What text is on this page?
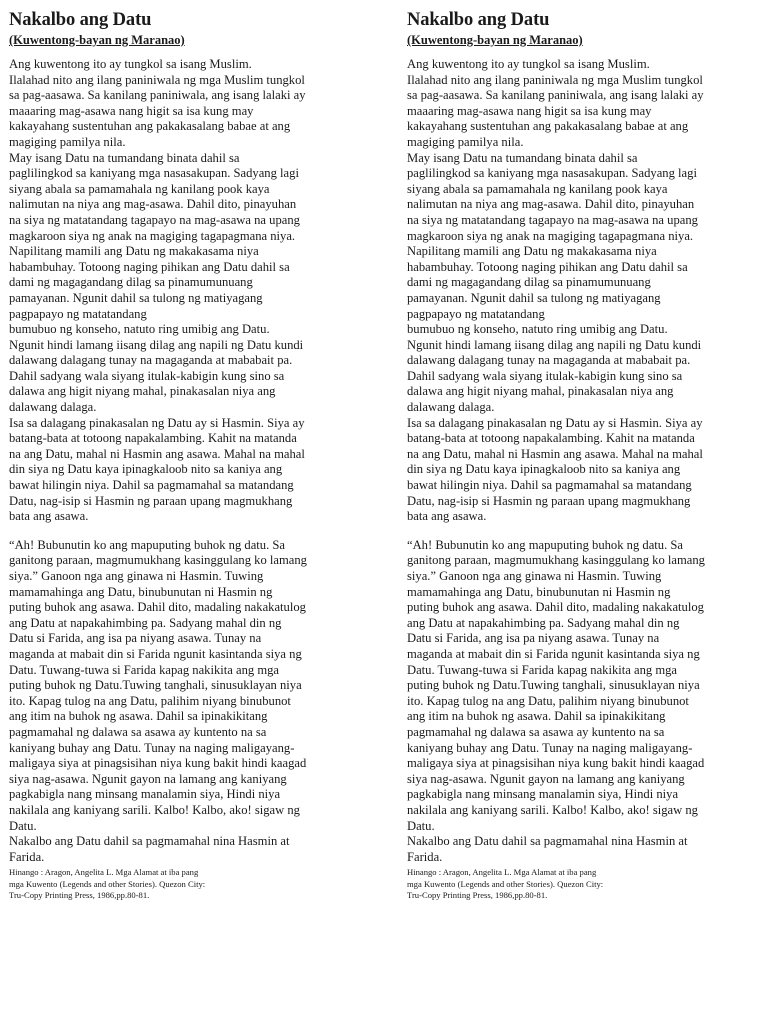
Nakalbo ang Datu
(Kuwentong-bayan ng Maranao)
Ang kuwentong ito ay tungkol sa isang Muslim.
Ilalahad nito ang ilang paniniwala ng mga Muslim tungkol
sa pag-aasawa. Sa kanilang paniniwala, ang isang lalaki ay
maaaring mag-asawa nang higit sa isa kung may
kakayahang sustentuhan ang pakakasalang babae at ang
magiging pamilya nila.
May isang Datu na tumandang binata dahil sa
paglilingkod sa kaniyang mga nasasakupan. Sadyang lagi
siyang abala sa pamamahala ng kanilang pook kaya
nalimutan na niya ang mag-asawa. Dahil dito, pinayuhan
na siya ng matatandang tagapayo na mag-asawa na upang
magkaroon siya ng anak na magiging tagapagmana niya.
Napilitang mamili ang Datu ng makakasama niya
habambuhay. Totoong naging pihikan ang Datu dahil sa
dami ng magagandang dilag sa pinamumunuang
pamayanan. Ngunit dahil sa tulong ng matiyagang
pagpapayo ng matatandang
bumubuo ng konseho, natuto ring umibig ang Datu.
Ngunit hindi lamang iisang dilag ang napili ng Datu kundi
dalawang dalagang tunay na magaganda at mababait pa.
Dahil sadyang wala siyang itulak-kabigin kung sino sa
dalawa ang higit niyang mahal, pinakasalan niya ang
dalawang dalaga.
Isa sa dalagang pinakasalan ng Datu ay si Hasmin. Siya ay
batang-bata at totoong napakalambing. Kahit na matanda
na ang Datu, mahal ni Hasmin ang asawa. Mahal na mahal
din siya ng Datu kaya ipinagkaloob nito sa kaniya ang
bawat hilingin niya. Dahil sa pagmamahal sa matandang
Datu, nag-isip si Hasmin ng paraan upang magmukhang
bata ang asawa.
“Ah! Bubunutin ko ang mapuputing buhok ng datu. Sa
ganitong paraan, magmumukhang kasinggulang ko lamang
siya.” Ganoon nga ang ginawa ni Hasmin. Tuwing
mamamahinga ang Datu, binubunutan ni Hasmin ng
puting buhok ang asawa. Dahil dito, madaling nakakatulog
ang Datu at napakahimbing pa. Sadyang mahal din ng
Datu si Farida, ang isa pa niyang asawa. Tunay na
maganda at mabait din si Farida ngunit kasintanda siya ng
Datu. Tuwang-tuwa si Farida kapag nakikita ang mga
puting buhok ng Datu.Tuwing tanghali, sinusuklayan niya
ito. Kapag tulog na ang Datu, palihim niyang binubunot
ang itim na buhok ng asawa. Dahil sa ipinakikitang
pagmamahal ng dalawa sa asawa ay kuntento na sa
kaniyang buhay ang Datu. Tunay na naging maligayang-
maligaya siya at pinagsisihan niya kung bakit hindi kaagad
siya nag-asawa. Ngunit gayon na lamang ang kaniyang
pagkabigla nang minsang manalamin siya, Hindi niya
nakilala ang kaniyang sarili. Kalbo! Kalbo, ako! sigaw ng
Datu.
Nakalbo ang Datu dahil sa pagmamahal nina Hasmin at
Farida.
Hinango : Aragon, Angelita L. Mga Alamat at iba pang
mga Kuwento (Legends and other Stories). Quezon City:
Tru-Copy Printing Press, 1986,pp.80-81.
Nakalbo ang Datu
(Kuwentong-bayan ng Maranao)
Ang kuwentong ito ay tungkol sa isang Muslim.
Ilalahad nito ang ilang paniniwala ng mga Muslim tungkol
sa pag-aasawa. Sa kanilang paniniwala, ang isang lalaki ay
maaaring mag-asawa nang higit sa isa kung may
kakayahang sustentuhan ang pakakasalang babae at ang
magiging pamilya nila.
May isang Datu na tumandang binata dahil sa
paglilingkod sa kaniyang mga nasasakupan. Sadyang lagi
siyang abala sa pamamahala ng kanilang pook kaya
nalimutan na niya ang mag-asawa. Dahil dito, pinayuhan
na siya ng matatandang tagapayo na mag-asawa na upang
magkaroon siya ng anak na magiging tagapagmana niya.
Napilitang mamili ang Datu ng makakasama niya
habambuhay. Totoong naging pihikan ang Datu dahil sa
dami ng magagandang dilag sa pinamumunuang
pamayanan. Ngunit dahil sa tulong ng matiyagang
pagpapayo ng matatandang
bumubuo ng konseho, natuto ring umibig ang Datu.
Ngunit hindi lamang iisang dilag ang napili ng Datu kundi
dalawang dalagang tunay na magaganda at mababait pa.
Dahil sadyang wala siyang itulak-kabigin kung sino sa
dalawa ang higit niyang mahal, pinakasalan niya ang
dalawang dalaga.
Isa sa dalagang pinakasalan ng Datu ay si Hasmin. Siya ay
batang-bata at totoong napakalambing. Kahit na matanda
na ang Datu, mahal ni Hasmin ang asawa. Mahal na mahal
din siya ng Datu kaya ipinagkaloob nito sa kaniya ang
bawat hilingin niya. Dahil sa pagmamahal sa matandang
Datu, nag-isip si Hasmin ng paraan upang magmukhang
bata ang asawa.
“Ah! Bubunutin ko ang mapuputing buhok ng datu. Sa
ganitong paraan, magmumukhang kasinggulang ko lamang
siya.” Ganoon nga ang ginawa ni Hasmin. Tuwing
mamamahinga ang Datu, binubunutan ni Hasmin ng
puting buhok ang asawa. Dahil dito, madaling nakakatulog
ang Datu at napakahimbing pa. Sadyang mahal din ng
Datu si Farida, ang isa pa niyang asawa. Tunay na
maganda at mabait din si Farida ngunit kasintanda siya ng
Datu. Tuwang-tuwa si Farida kapag nakikita ang mga
puting buhok ng Datu.Tuwing tanghali, sinusuklayan niya
ito. Kapag tulog na ang Datu, palihim niyang binubunot
ang itim na buhok ng asawa. Dahil sa ipinakikitang
pagmamahal ng dalawa sa asawa ay kuntento na sa
kaniyang buhay ang Datu. Tunay na naging maligayang-
maligaya siya at pinagsisihan niya kung bakit hindi kaagad
siya nag-asawa. Ngunit gayon na lamang ang kaniyang
pagkabigla nang minsang manalamin siya, Hindi niya
nakilala ang kaniyang sarili. Kalbo! Kalbo, ako! sigaw ng
Datu.
Nakalbo ang Datu dahil sa pagmamahal nina Hasmin at
Farida.
Hinango : Aragon, Angelita L. Mga Alamat at iba pang
mga Kuwento (Legends and other Stories). Quezon City:
Tru-Copy Printing Press, 1986,pp.80-81.
